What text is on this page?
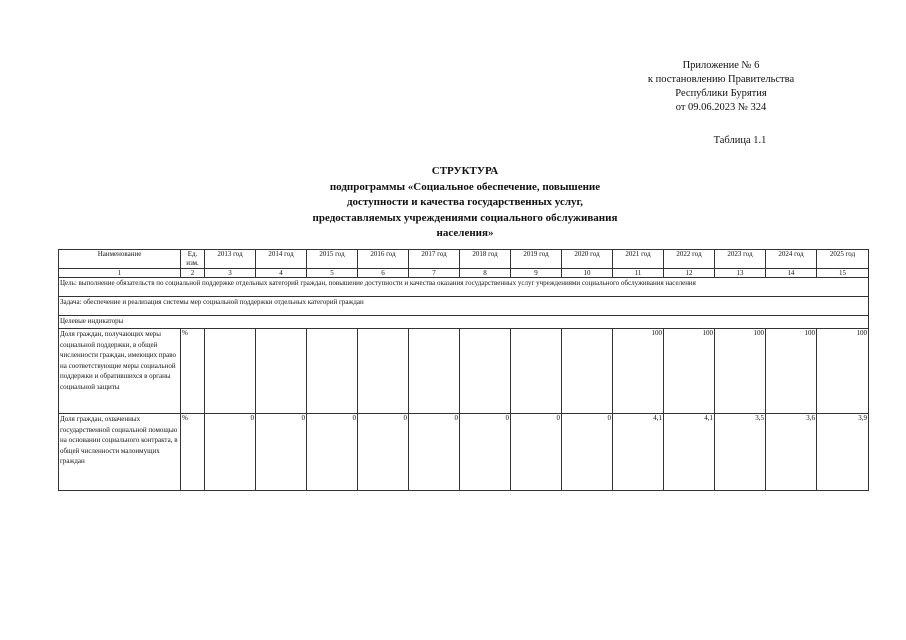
Приложение № 6
к постановлению Правительства
Республики Бурятия
от 09.06.2023 № 324
Таблица 1.1
СТРУКТУРА
подпрограммы «Социальное обеспечение, повышение
доступности и качества государственных услуг,
предоставляемых учреждениями социального обслуживания
населения»
Наименование	Ед. изм.	2013 год	2014 год	2015 год	2016 год	2017 год	2018 год	2019 год	2020 год	2021 год	2022 год	2023 год	2024 год	2025 год
1	2	3	4	5	6	7	8	9	10	11	12	13	14	15
Цель: выполнение обязательств по социальной поддержке отдельных категорий граждан, повышение доступности и качества оказания государственных услуг учреждениями социального обслуживания населения														
Задача: обеспечение и реализация системы мер социальной поддержки отдельных категорий граждан														
Целевые индикаторы														
Доля граждан, получающих меры социальной поддержки, в общей численности граждан, имеющих право на соответствующие меры социальной поддержки и обратившихся в органы социальной защиты	%									100	100	100	100	100
Доля граждан, охваченных государственной социальной помощью на основании социального контракта, в общей численности малоимущих граждан	%	0	0	0	0	0	0	0	0	4,1	4,1	3,5	3,6	3,9
